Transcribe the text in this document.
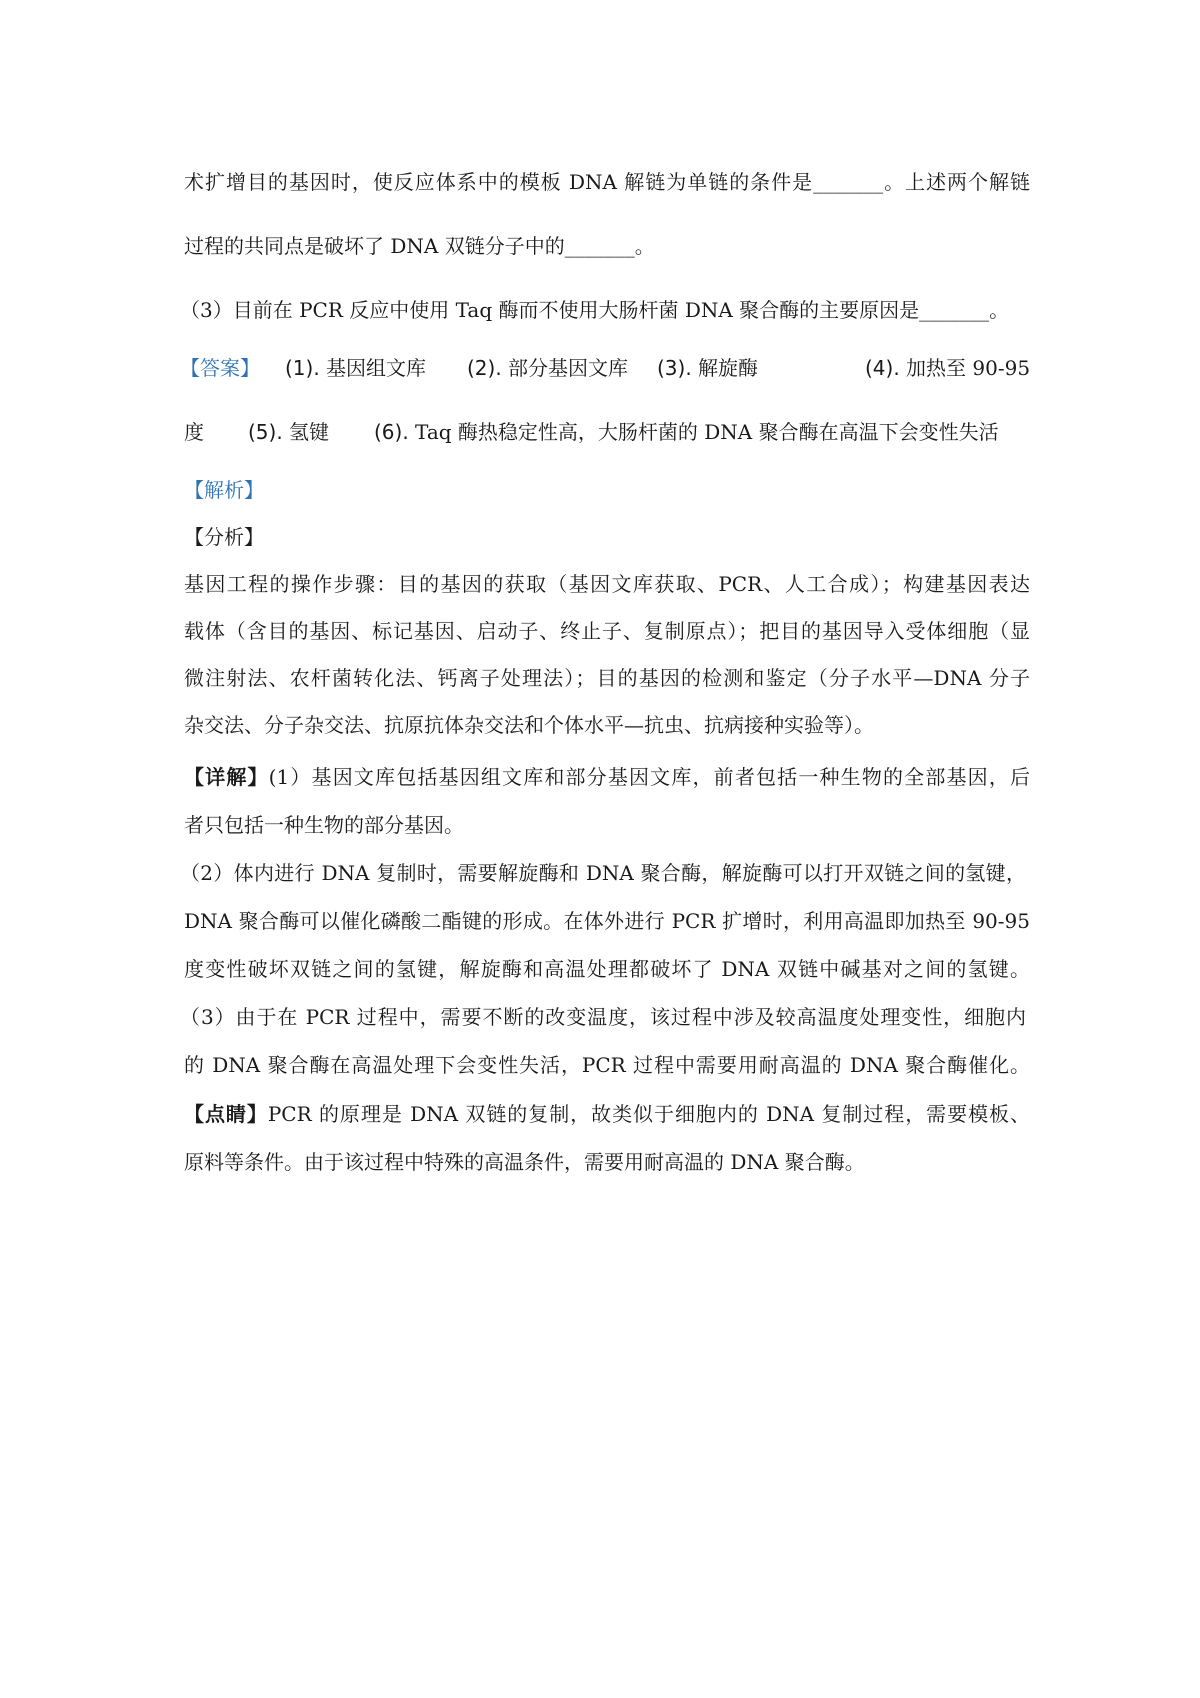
术扩增目的基因时，使反应体系中的模板 DNA 解链为单链的条件是_______。上述两个解链
过程的共同点是破坏了 DNA 双链分子中的_______。
（3）目前在 PCR 反应中使用 Taq 酶而不使用大肠杆菌 DNA 聚合酶的主要原因是_______。
【答案】 (1). 基因组文库 (2). 部分基因文库 (3). 解旋酶	(4). 加热至 90-95
度 (5). 氢键 (6). Taq 酶热稳定性高，大肠杆菌的 DNA 聚合酶在高温下会变性失活
【解析】
【分析】
基因工程的操作步骤：目的基因的获取（基因文库获取、PCR、人工合成）；构建基因表达
载体（含目的基因、标记基因、启动子、终止子、复制原点）；把目的基因导入受体细胞（显
微注射法、农杆菌转化法、钙离子处理法）；目的基因的检测和鉴定（分子水平—DNA 分子
杂交法、分子杂交法、抗原抗体杂交法和个体水平—抗虫、抗病接种实验等）。
【详解】(1）基因文库包括基因组文库和部分基因文库，前者包括一种生物的全部基因，后
者只包括一种生物的部分基因。
（2）体内进行 DNA 复制时，需要解旋酶和 DNA 聚合酶，解旋酶可以打开双链之间的氢键，
DNA 聚合酶可以催化磷酸二酯键的形成。在体外进行 PCR 扩增时，利用高温即加热至 90-95
度变性破坏双链之间的氢键，解旋酶和高温处理都破坏了 DNA 双链中碱基对之间的氢键。
（3）由于在 PCR 过程中，需要不断的改变温度，该过程中涉及较高温度处理变性，细胞内
的 DNA 聚合酶在高温处理下会变性失活，PCR 过程中需要用耐高温的 DNA 聚合酶催化。
【点睛】PCR 的原理是 DNA 双链的复制，故类似于细胞内的 DNA 复制过程，需要模板、
原料等条件。由于该过程中特殊的高温条件，需要用耐高温的 DNA 聚合酶。
